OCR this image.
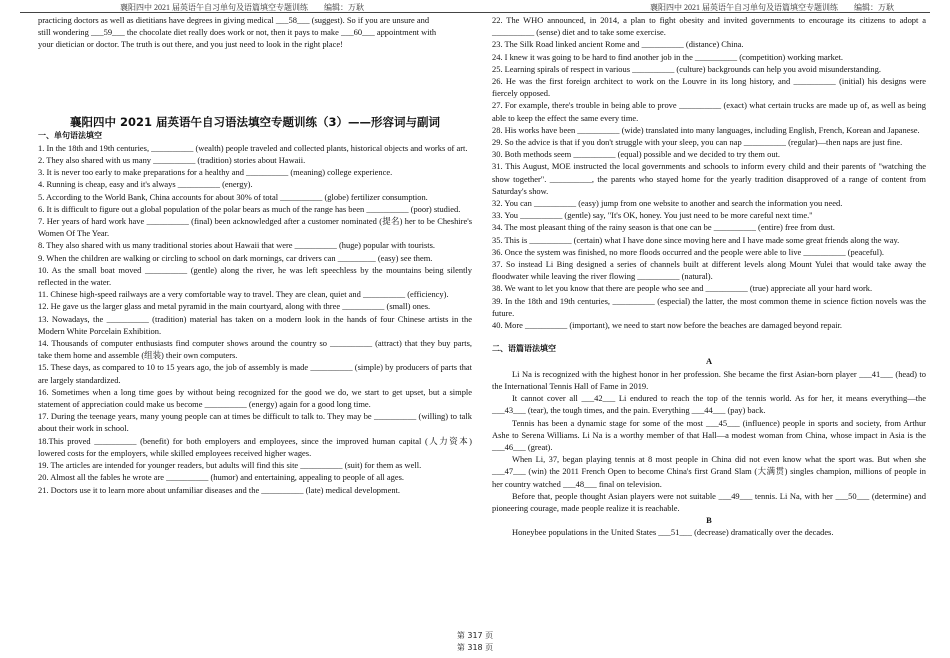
襄阳四中 2021 届英语午自习单句及语篇填空专题训练　　编辑：万耿	襄阳四中 2021 届英语午自习单句及语篇填空专题训练　　编辑：万耿

practicing doctors as well as dietitians have degrees in giving medical ___58___ (suggest). So if you are unsure and

still wondering ___59___ the chocolate diet really does work or not, then it pays to make ___60___ appointment with

your dietician or doctor. The truth is out there, and you just need to look in the right place!

襄阳四中 2021 届英语午自习语法填空专题训练（3）——形容词与副词

一、单句语法填空

1. In the 18th and 19th centuries, __________ (wealth) people traveled and collected plants, historical objects and works of art.

2. They also shared with us many __________ (tradition) stories about Hawaii.

3. It is never too early to make preparations for a healthy and __________ (meaning) college experience.

4. Running is cheap, easy and it's always __________ (energy).

5. According to the World Bank, China accounts for about 30% of total __________ (globe) fertilizer consumption.

6. It is difficult to figure out a global population of the polar bears as much of the range has been __________ (poor) studied.

7. Her years of hard work have __________ (final) been acknowledged after a customer nominated (提名) her to be Cheshire's Women Of The Year.

8. They also shared with us many traditional stories about Hawaii that were __________ (huge) popular with tourists.

9. When the children are walking or circling to school on dark mornings, car drivers can _________ (easy) see them.

10. As the small boat moved __________ (gentle) along the river, he was left speechless by the mountains being silently reflected in the water.

11. Chinese high-speed railways are a very comfortable way to travel. They are clean, quiet and __________ (efficiency).

12. He gave us the larger glass and metal pyramid in the main courtyard, along with three __________ (small) ones.

13. Nowadays, the __________ (tradition) material has taken on a modern look in the hands of four Chinese artists in the Modern White Porcelain Exhibition.

14. Thousands of computer enthusiasts find computer shows around the country so __________ (attract) that they buy parts, take them home and assemble (组装) their own computers.

15. These days, as compared to 10 to 15 years ago, the job of assembly is made __________ (simple) by producers of parts that are largely standardized.

16. Sometimes when a long time goes by without being recognized for the good we do, we start to get upset, but a simple statement of appreciation could make us become __________ (energy) again for a good long time.

17. During the teenage years, many young people can at times be difficult to talk to. They may be __________ (willing) to talk about their work in school.

18.This proved __________ (benefit) for both employers and employees, since the improved human capital (人力资本) lowered costs for the employers, while skilled employees received higher wages.

19. The articles are intended for younger readers, but adults will find this site __________ (suit) for them as well.

20. Almost all the fables he wrote are __________ (humor) and entertaining, appealing to people of all ages.

21. Doctors use it to learn more about unfamiliar diseases and the __________ (late) medical development.

22. The WHO announced, in 2014, a plan to fight obesity and invited governments to encourage its citizens to adopt a __________ (sense) diet and to take some exercise.

23. The Silk Road linked ancient Rome and __________ (distance) China.

24. I knew it was going to be hard to find another job in the __________ (competition) working market.

25. Learning spirals of respect in various __________ (culture) backgrounds can help you avoid misunderstanding.

26. He was the first foreign architect to work on the Louvre in its long history, and __________ (initial) his designs were fiercely opposed.

27. For example, there's trouble in being able to prove __________ (exact) what certain trucks are made up of, as well as being able to keep the effect the same every time.

28. His works have been __________ (wide) translated into many languages, including English, French, Korean and Japanese.

29. So the advice is that if you don't struggle with your sleep, you can nap __________ (regular)—then naps are just fine.

30. Both methods seem __________ (equal) possible and we decided to try them out.

31. This August, MOE instructed the local governments and schools to inform every child and their parents of "watching the show together". __________, the parents who stayed home for the yearly tradition disapproved of a range of content from Saturday's show.

32. You can __________ (easy) jump from one website to another and search the information you need.

33. You __________ (gentle) say, "It's OK, honey. You just need to be more careful next time."

34. The most pleasant thing of the rainy season is that one can be __________ (entire) free from dust.

35. This is __________ (certain) what I have done since moving here and I have made some great friends along the way.

36. Once the system was finished, no more floods occurred and the people were able to live __________ (peaceful).

37. So instead Li Bing designed a series of channels built at different levels along Mount Yulei that would take away the floodwater while leaving the river flowing __________ (natural).

38. We want to let you know that there are people who see and __________ (true) appreciate all your hard work.

39. In the 18th and 19th centuries, __________ (especial) the latter, the most common theme in science fiction novels was the future.

40. More __________ (important), we need to start now before the beaches are damaged beyond repair.

二、语篇语法填空

A

Li Na is recognized with the highest honor in her profession. She became the first Asian-born player ___41___ (head) to the International Tennis Hall of Fame in 2019.

It cannot cover all ___42___ Li endured to reach the top of the tennis world. As for her, it means everything—the ___43___ (tear), the tough times, and the pain. Everything ___44___ (pay) back.

Tennis has been a dynamic stage for some of the most ___45___ (influence) people in sports and society, from Arthur Ashe to Serena Williams. Li Na is a worthy member of that Hall—a modest woman from China, whose impact in Asia is the ___46___ (great).

When Li, 37, began playing tennis at 8 most people in China did not even know what the sport was. But when she ___47___ (win) the 2011 French Open to become China's first Grand Slam (大满贯) singles champion, millions of people in her country watched ___48___ final on television.

Before that, people thought Asian players were not suitable ___49___ tennis. Li Na, with her ___50___ (determine) and pioneering courage, made people realize it is reachable.

B

Honeybee populations in the United States ___51___ (decrease) dramatically over the decades.

第 317 页
第 318 页
